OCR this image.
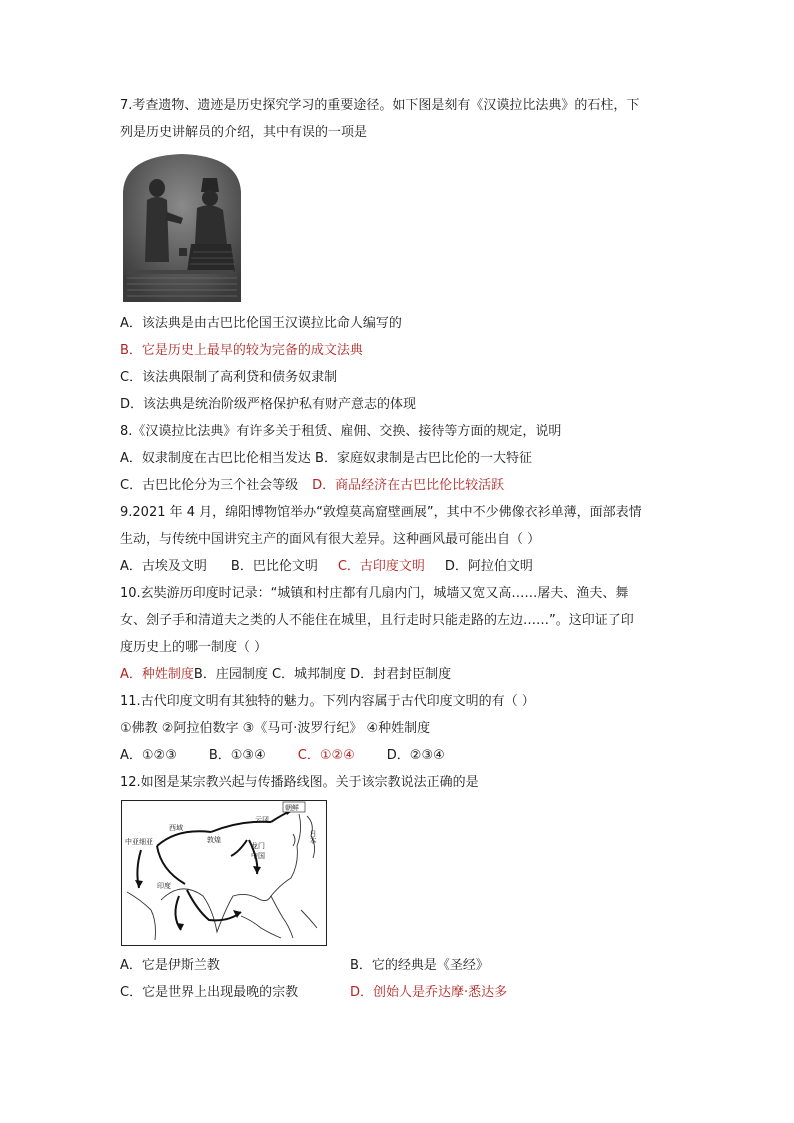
7.考查遗物、遗迹是历史探究学习的重要途径。如下图是刻有《汉谟拉比法典》的石柱，下
列是历史讲解员的介绍，其中有误的一项是
A．该法典是由古巴比伦国王汉谟拉比命人编写的
B．它是历史上最早的较为完备的成文法典
C．该法典限制了高利贷和债务奴隶制
D．该法典是统治阶级严格保护私有财产意志的体现
8.《汉谟拉比法典》有许多关于租赁、雇佣、交换、接待等方面的规定，说明
A．奴隶制度在古巴比伦相当发达 B．家庭奴隶制是古巴比伦的一大特征
C．古巴比伦分为三个社会等级 D．商品经济在古巴比伦比较活跃
9.2021 年 4 月，绵阳博物馆举办“敦煌莫高窟壁画展”，其中不少佛像衣衫单薄，面部表情
生动，与传统中国讲究主产的面风有很大差异。这种画风最可能出自（ ）
A．古埃及文明 B．巴比伦文明 C．古印度文明 D．阿拉伯文明
10.玄奘游历印度时记录：“城镇和村庄都有几扇内门，城墙又宽又高……屠夫、渔夫、舞
女、刽子手和清道夫之类的人不能住在城里，且行走时只能走路的左边……”。这印证了印
度历史上的哪一制度（ ）
A．种姓制度 B．庄园制度 C．城邦制度 D．封君封臣制度
11.古代印度文明有其独特的魅力。下列内容属于古代印度文明的有（ ）
①佛教 ②阿拉伯数字 ③《马可·波罗行纪》 ④种姓制度
A．①②③ B．①③④ C．①②④ D．②③④
12.如图是某宗教兴起与传播路线图。关于该宗教说法正确的是
朝鲜
日本
西域
云冈
敦煌
中亚细亚	龙门
中国
印度
A．它是伊斯兰教	B．它的经典是《圣经》
C．它是世界上出现最晚的宗教	D．创始人是乔达摩·悉达多
